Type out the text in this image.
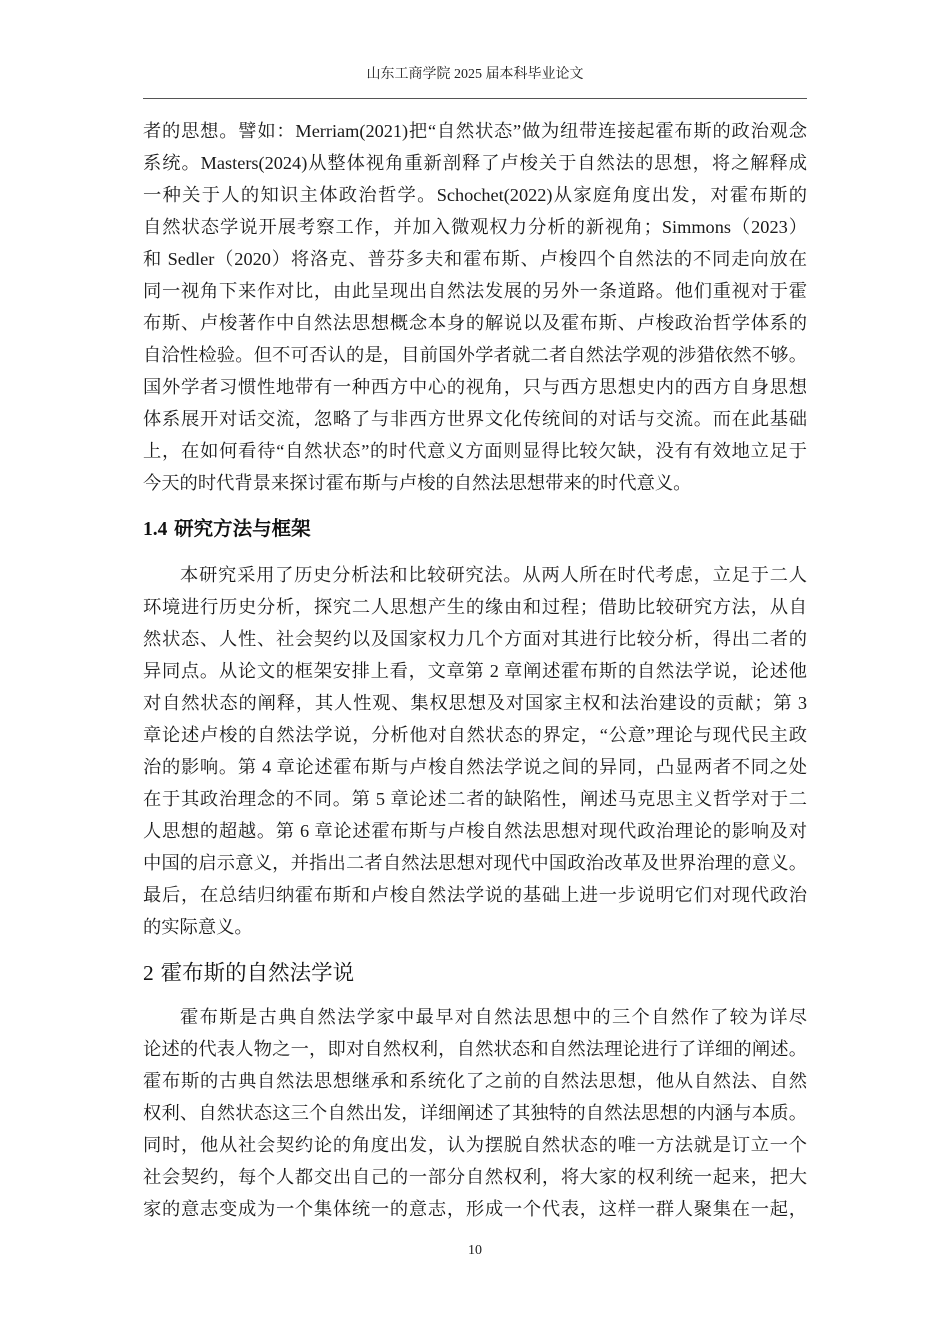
山东工商学院 2025 届本科毕业论文
者的思想。譬如：Merriam(2021)把“自然状态”做为纽带连接起霍布斯的政治观念
系统。Masters(2024)从整体视角重新剖释了卢梭关于自然法的思想，将之解释成
一种关于人的知识主体政治哲学。Schochet(2022)从家庭角度出发，对霍布斯的
自然状态学说开展考察工作，并加入微观权力分析的新视角；Simmons（2023）
和 Sedler（2020）将洛克、普芬多夫和霍布斯、卢梭四个自然法的不同走向放在
同一视角下来作对比，由此呈现出自然法发展的另外一条道路。他们重视对于霍
布斯、卢梭著作中自然法思想概念本身的解说以及霍布斯、卢梭政治哲学体系的
自洽性检验。但不可否认的是，目前国外学者就二者自然法学观的涉猎依然不够。
国外学者习惯性地带有一种西方中心的视角，只与西方思想史内的西方自身思想
体系展开对话交流，忽略了与非西方世界文化传统间的对话与交流。而在此基础
上，在如何看待“自然状态”的时代意义方面则显得比较欠缺，没有有效地立足于
今天的时代背景来探讨霍布斯与卢梭的自然法思想带来的时代意义。
1.4 研究方法与框架
本研究采用了历史分析法和比较研究法。从两人所在时代考虑，立足于二人
环境进行历史分析，探究二人思想产生的缘由和过程；借助比较研究方法，从自
然状态、人性、社会契约以及国家权力几个方面对其进行比较分析，得出二者的
异同点。从论文的框架安排上看，文章第 2 章阐述霍布斯的自然法学说，论述他
对自然状态的阐释，其人性观、集权思想及对国家主权和法治建设的贡献；第 3
章论述卢梭的自然法学说，分析他对自然状态的界定，“公意”理论与现代民主政
治的影响。第 4 章论述霍布斯与卢梭自然法学说之间的异同，凸显两者不同之处
在于其政治理念的不同。第 5 章论述二者的缺陷性，阐述马克思主义哲学对于二
人思想的超越。第 6 章论述霍布斯与卢梭自然法思想对现代政治理论的影响及对
中国的启示意义，并指出二者自然法思想对现代中国政治改革及世界治理的意义。
最后，在总结归纳霍布斯和卢梭自然法学说的基础上进一步说明它们对现代政治
的实际意义。
2 霍布斯的自然法学说
霍布斯是古典自然法学家中最早对自然法思想中的三个自然作了较为详尽
论述的代表人物之一，即对自然权利，自然状态和自然法理论进行了详细的阐述。
霍布斯的古典自然法思想继承和系统化了之前的自然法思想，他从自然法、自然
权利、自然状态这三个自然出发，详细阐述了其独特的自然法思想的内涵与本质。
同时，他从社会契约论的角度出发，认为摆脱自然状态的唯一方法就是订立一个
社会契约，每个人都交出自己的一部分自然权利，将大家的权利统一起来，把大
家的意志变成为一个集体统一的意志，形成一个代表，这样一群人聚集在一起，
10
